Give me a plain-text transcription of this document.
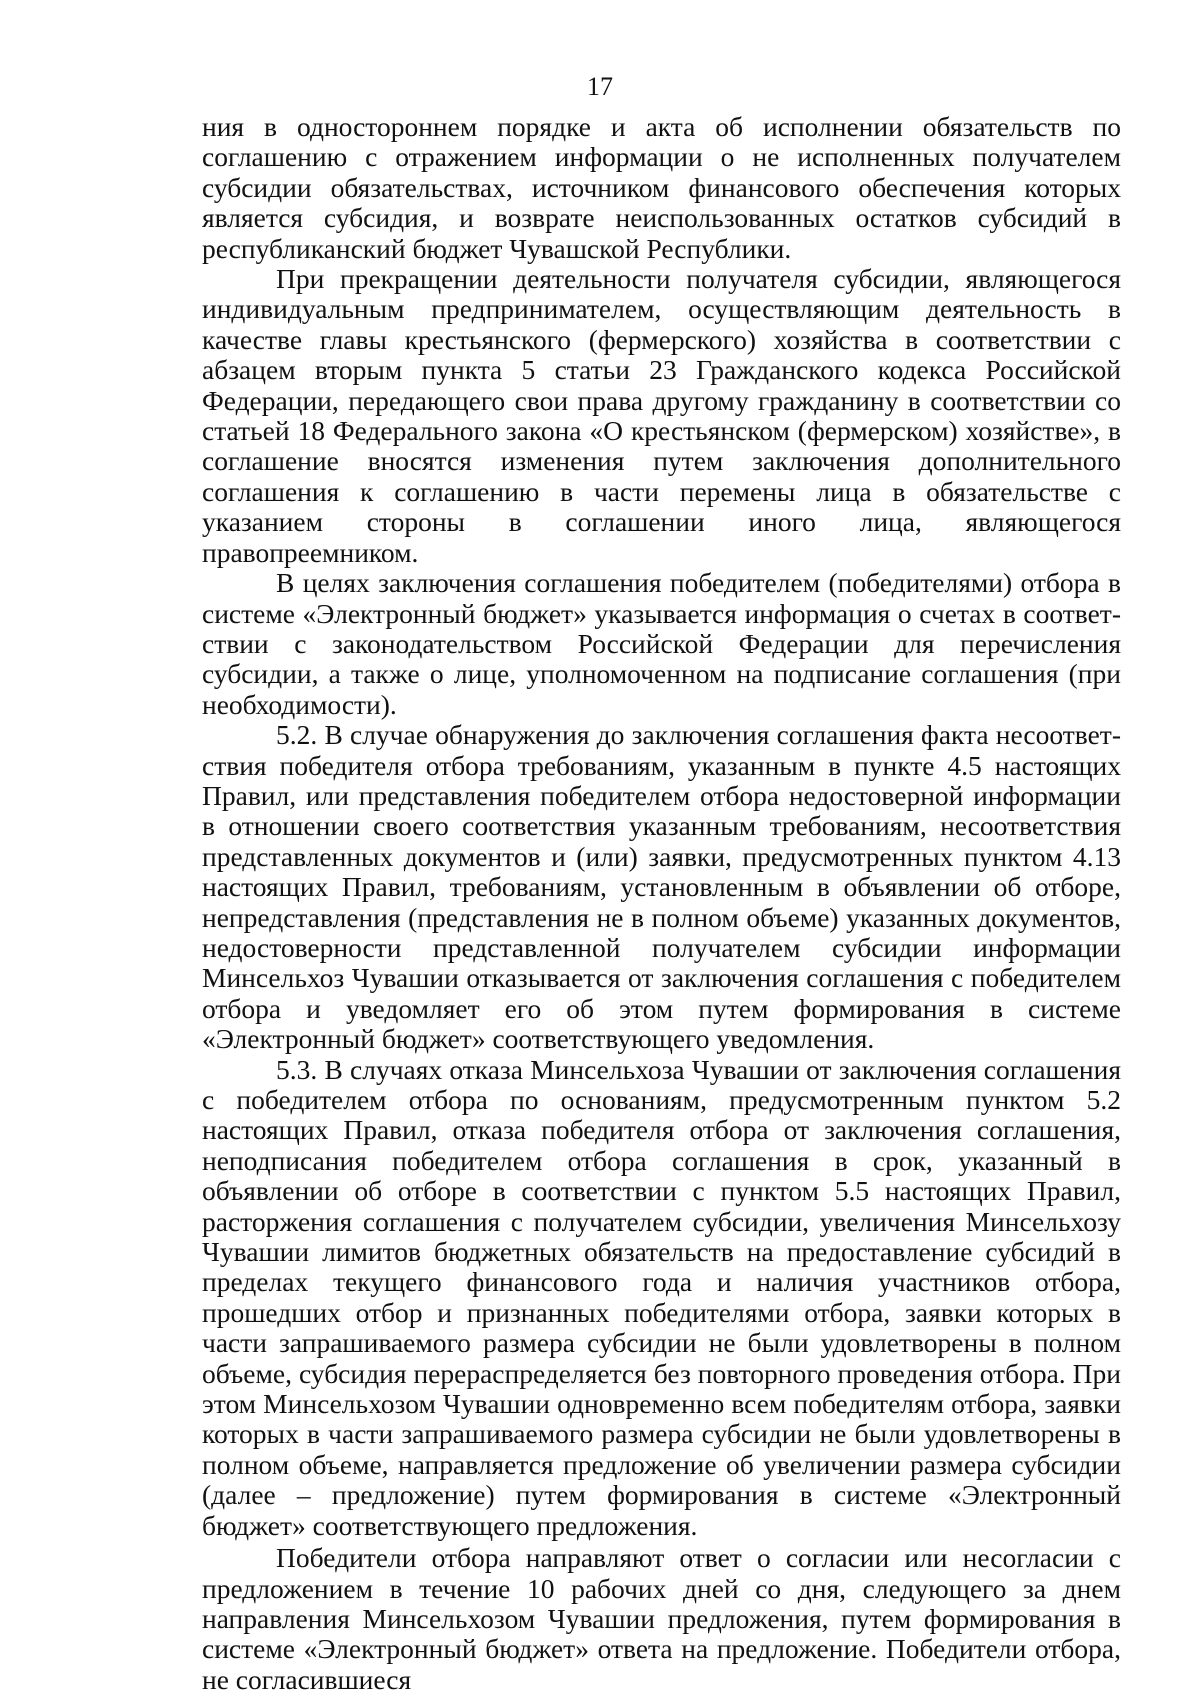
17

ния в одностороннем порядке и акта об исполнении обязательств по соглашению с отражением информации о не исполненных получателем субсидии обязательствах, источником финансового обеспечения которых является субсидия, и возврате неиспользованных остатков субсидий в республиканский бюджет Чувашской Республики.

При прекращении деятельности получателя субсидии, являющегося индивидуальным предпринимателем, осуществляющим деятельность в качестве главы крестьянского (фермерского) хозяйства в соответствии с абзацем вторым пункта 5 статьи 23 Гражданского кодекса Российской Федерации, передающего свои права другому гражданину в соответствии со статьей 18 Федерального закона «О крестьянском (фермерском) хозяйстве», в соглашение вносятся изменения путем заключения дополнительного соглашения к соглашению в части перемены лица в обязательстве с указанием стороны в соглашении иного лица, являющегося правопреемником.

В целях заключения соглашения победителем (победителями) отбора в системе «Электронный бюджет» указывается информация о счетах в соответствии с законодательством Российской Федерации для перечисления субсидии, а также о лице, уполномоченном на подписание соглашения (при необходимости).

5.2. В случае обнаружения до заключения соглашения факта несоответствия победителя отбора требованиям, указанным в пункте 4.5 настоящих Правил, или представления победителем отбора недостоверной информации в отношении своего соответствия указанным требованиям, несоответствия представленных документов и (или) заявки, предусмотренных пунктом 4.13 настоящих Правил, требованиям, установленным в объявлении об отборе, непредставления (представления не в полном объеме) указанных документов, недостоверности представленной получателем субсидии информации Минсельхоз Чувашии отказывается от заключения соглашения с победителем отбора и уведомляет его об этом путем формирования в системе «Электронный бюджет» соответствующего уведомления.

5.3. В случаях отказа Минсельхоза Чувашии от заключения соглашения с победителем отбора по основаниям, предусмотренным пунктом 5.2 настоящих Правил, отказа победителя отбора от заключения соглашения, неподписания победителем отбора соглашения в срок, указанный в объявлении об отборе в соответствии с пунктом 5.5 настоящих Правил, расторжения соглашения с получателем субсидии, увеличения Минсельхозу Чувашии лимитов бюджетных обязательств на предоставление субсидий в пределах текущего финансового года и наличия участников отбора, прошедших отбор и признанных победителями отбора, заявки которых в части запрашиваемого размера субсидии не были удовлетворены в полном объеме, субсидия перераспределяется без повторного проведения отбора. При этом Минсельхозом Чувашии одновременно всем победителям отбора, заявки которых в части запрашиваемого размера субсидии не были удовлетворены в полном объеме, направляется предложение об увеличении размера субсидии (далее – предложение) путем формирования в системе «Электронный бюджет» соответствующего предложения.

Победители отбора направляют ответ о согласии или несогласии с предложением в течение 10 рабочих дней со дня, следующего за днем направления Минсельхозом Чувашии предложения, путем формирования в системе «Электронный бюджет» ответа на предложение. Победители отбора, не согласившиеся
